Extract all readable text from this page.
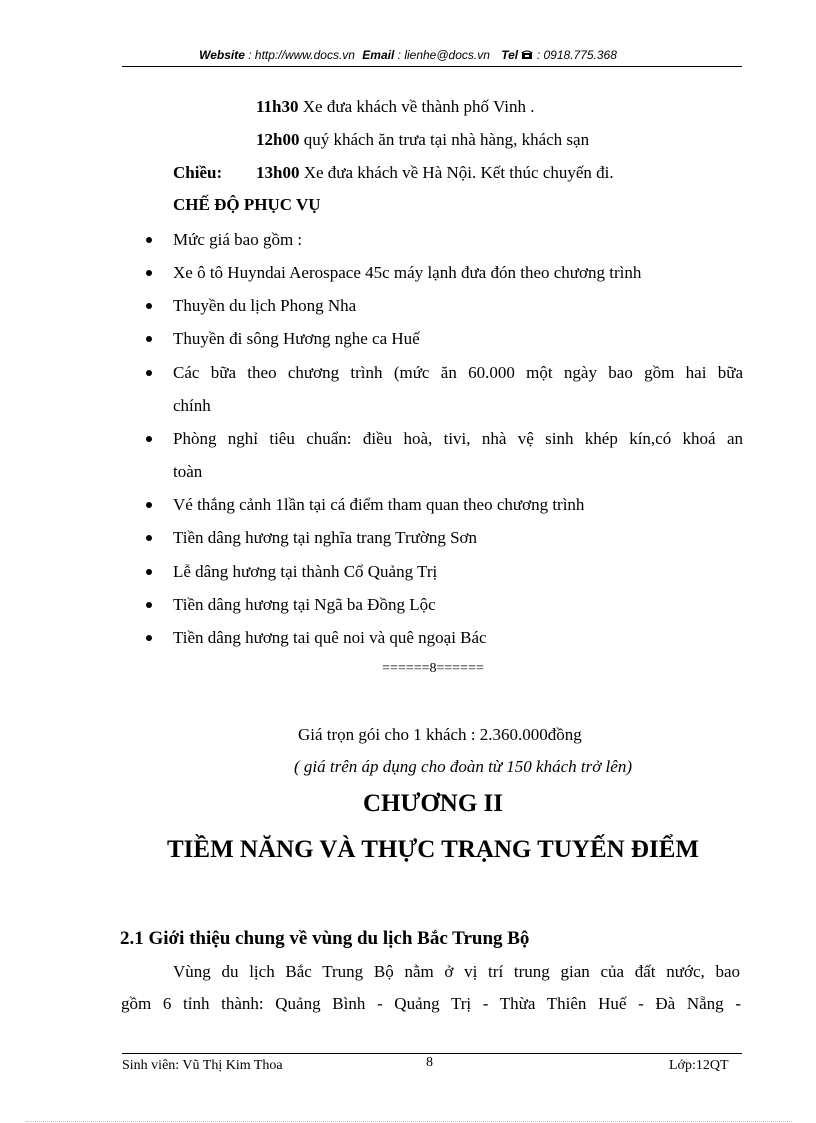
Website : http://www.docs.vn Email : lienhe@docs.vn Tel : 0918.775.368
11h30 Xe đưa khách về thành phố Vinh .
12h00 quý khách ăn trưa tại nhà hàng, khách sạn
Chiều: 13h00 Xe đưa khách về Hà Nội. Kết thúc chuyến đi.
CHẾ ĐỘ PHỤC VỤ
Mức giá bao gồm :
Xe ô tô Huyndai Aerospace 45c máy lạnh đưa đón theo chương trình
Thuyền du lịch Phong Nha
Thuyền đi sông Hương nghe ca Huế
Các bữa theo chương trình (mức ăn 60.000 một ngày bao gồm hai bữa
chính
Phòng nghỉ tiêu chuẩn: điều hoà, tivi, nhà vệ sinh khép kín,có khoá an
toàn
Vé thắng cảnh 1lần tại cá điểm tham quan theo chương trình
Tiền dâng hương tại nghĩa trang Trường Sơn
Lễ dâng hương tại thành Cổ Quảng Trị
Tiền dâng hương tại Ngã ba Đồng Lộc
Tiền dâng hương tai quê noi và quê ngoại Bác
======8======
Giá trọn gói cho 1 khách : 2.360.000đồng
( giá trên áp dụng cho đoàn từ 150 khách trở lên)
CHƯƠNG II
TIỀM NĂNG VÀ THỰC TRẠNG TUYẾN ĐIỂM
2.1 Giới thiệu chung về vùng du lịch Bắc Trung Bộ
Vùng du lịch Bắc Trung Bộ nằm ở vị trí trung gian của đất nước, bao
gồm 6 tỉnh thành: Quảng Bình - Quảng Trị - Thừa Thiên Huế - Đà Nẵng -
Sinh viên: Vũ Thị Kim Thoa	8	Lớp:12QT
